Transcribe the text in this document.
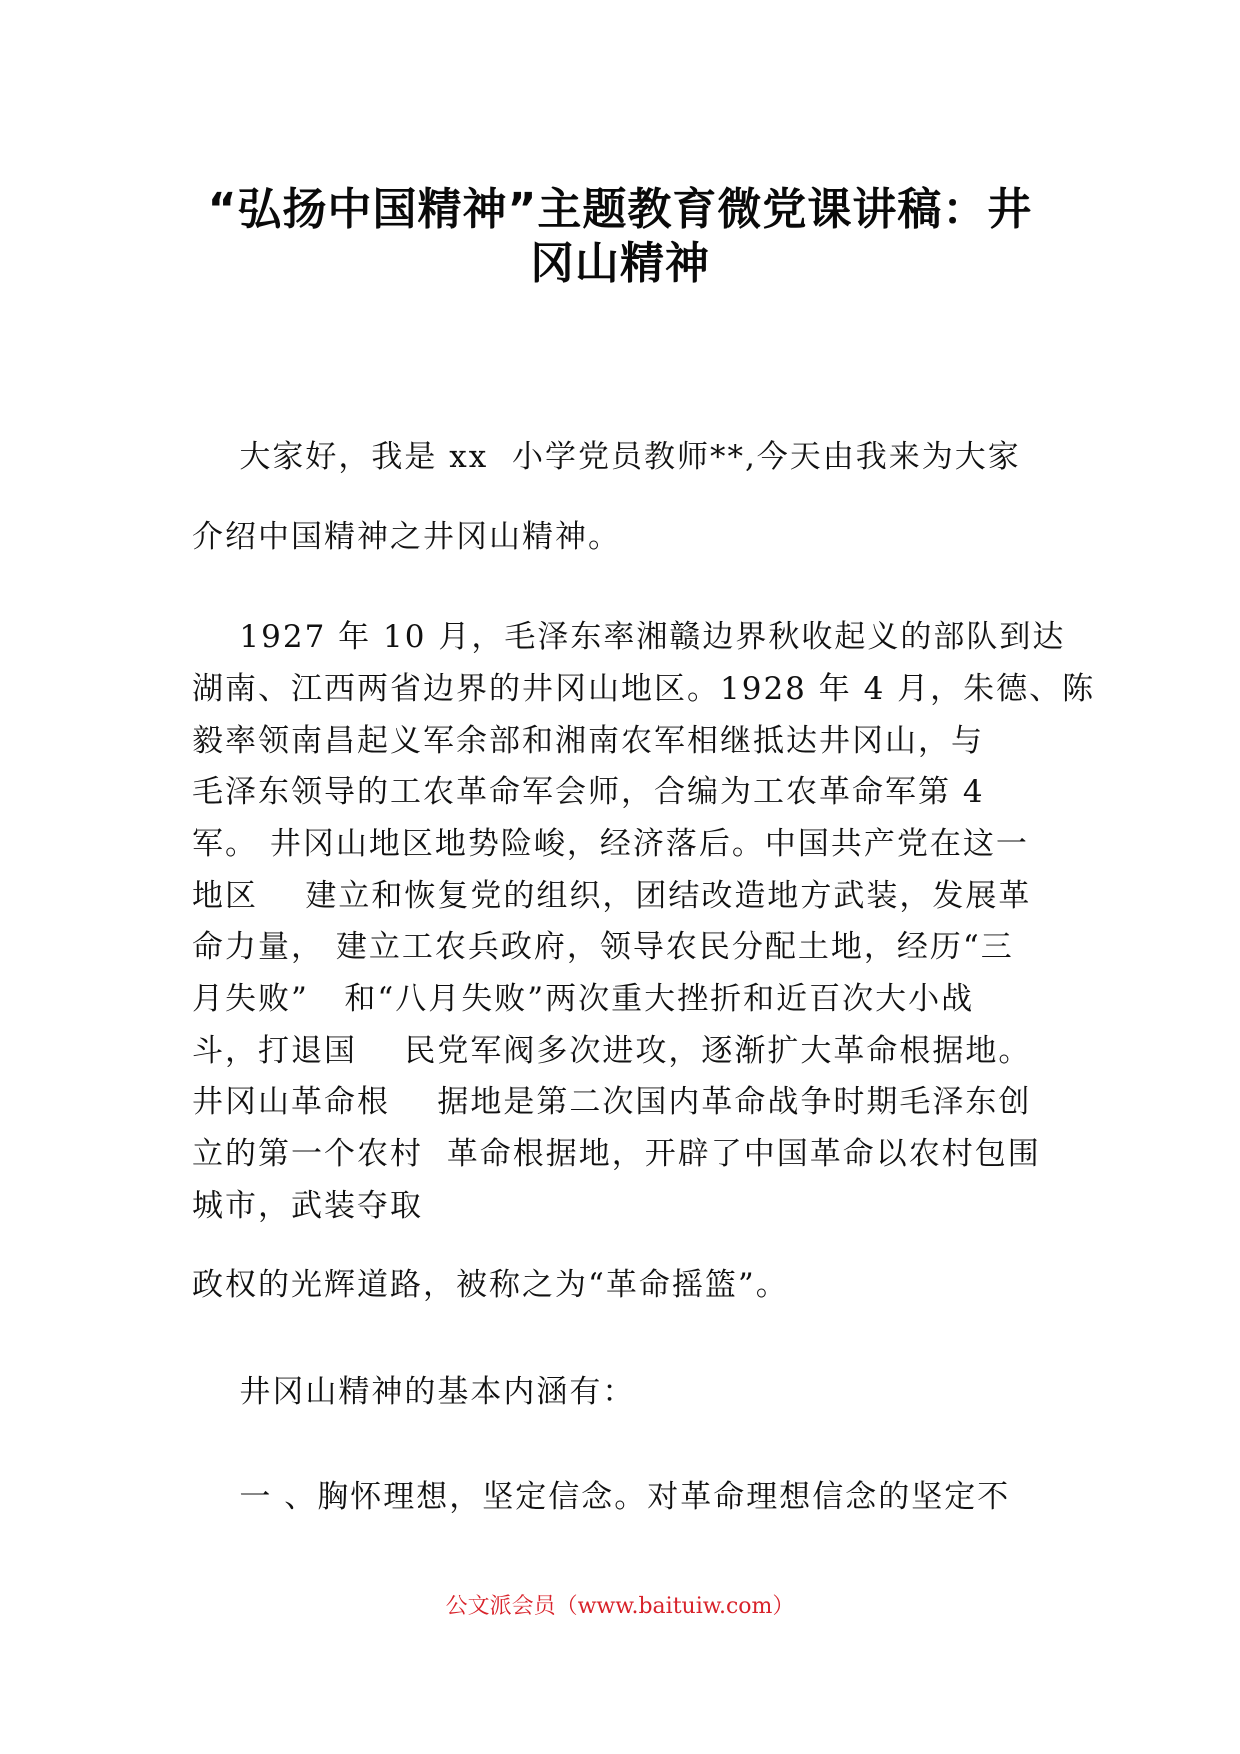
“弘扬中国精神”主题教育微党课讲稿：井
冈山精神
大家好，我是 xx  小学党员教师**,今天由我来为大家
介绍中国精神之井冈山精神。
1927 年 10 月，毛泽东率湘赣边界秋收起义的部队到达
湖南、江西两省边界的井冈山地区。1928 年 4 月，朱德、陈
毅率领南昌起义军余部和湘南农军相继抵达井冈山，与
毛泽东领导的工农革命军会师，合编为工农革命军第 4
军。 井冈山地区地势险峻，经济落后。中国共产党在这一
地区    建立和恢复党的组织，团结改造地方武装，发展革
命力量， 建立工农兵政府，领导农民分配土地，经历“三
月失败”   和“八月失败”两次重大挫折和近百次大小战
斗，打退国    民党军阀多次进攻，逐渐扩大革命根据地。
井冈山革命根    据地是第二次国内革命战争时期毛泽东创
立的第一个农村  革命根据地，开辟了中国革命以农村包围
城市，武装夺取
政权的光辉道路，被称之为“革命摇篮”。
井冈山精神的基本内涵有：
一 、胸怀理想，坚定信念。对革命理想信念的坚定不
公文派会员（www.baituiw.com）
